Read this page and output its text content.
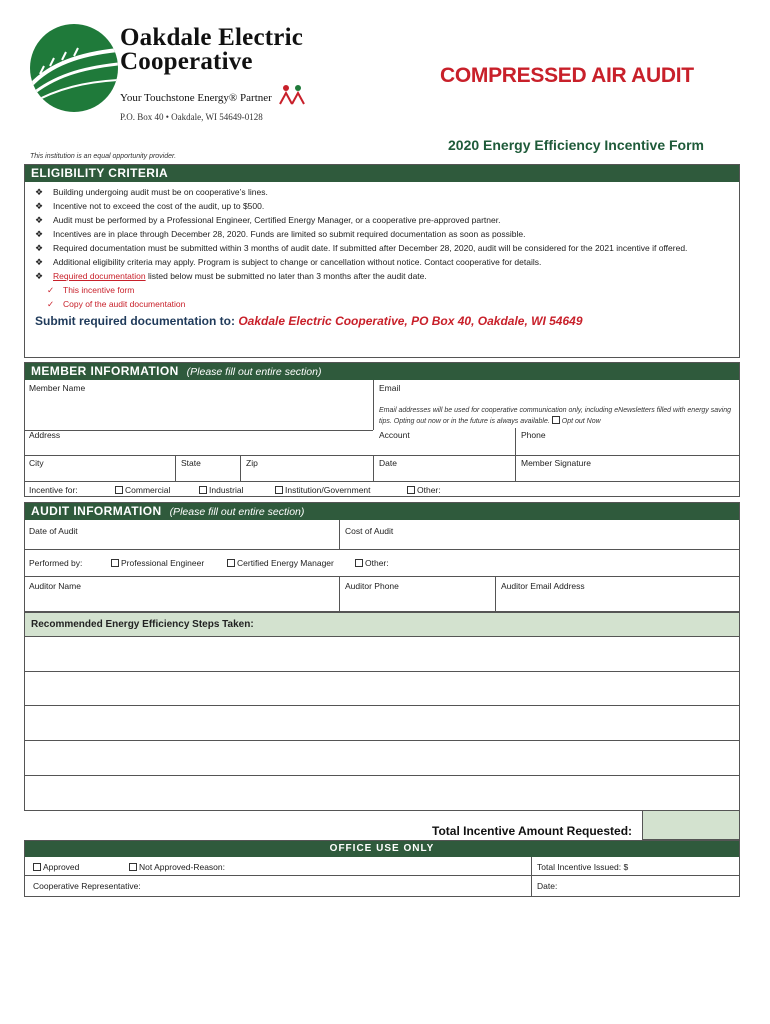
Oakdale Electric
Cooperative
Your Touchstone Energy® Partner
P.O. Box 40 • Oakdale, WI 54649-0128
COMPRESSED AIR AUDIT
2020 Energy Efficiency Incentive Form
This institution is an equal opportunity provider.
ELIGIBILITY CRITERIA
❖ Building undergoing audit must be on cooperative’s lines.
❖ Incentive not to exceed the cost of the audit, up to $500.
❖ Audit must be performed by a Professional Engineer, Certified Energy Manager, or a cooperative pre-approved partner.
❖ Incentives are in place through December 28, 2020. Funds are limited so submit required documentation as soon as possible.
❖ Required documentation must be submitted within 3 months of audit date. If submitted after December 28, 2020, audit will be considered for the 2021 incentive if offered.
❖ Additional eligibility criteria may apply. Program is subject to change or cancellation without notice. Contact cooperative for details.
❖ Required documentation listed below must be submitted no later than 3 months after the audit date.
✓ This incentive form
✓ Copy of the audit documentation
Submit required documentation to: Oakdale Electric Cooperative, PO Box 40, Oakdale, WI 54649
MEMBER INFORMATION (Please fill out entire section)
Member Name	Email
Email addresses will be used for cooperative communication only, including eNewsletters filled with energy saving tips. Opting out now or in the future is always available. Opt out Now
Address	Account	Phone
City	State	Zip	Date	Member Signature
Incentive for:	Commercial	Industrial	Institution/Government	Other:
AUDIT INFORMATION (Please fill out entire section)
Date of Audit	Cost of Audit
Performed by:	Professional Engineer	Certified Energy Manager	Other:
Auditor Name	Auditor Phone	Auditor Email Address
Recommended Energy Efficiency Steps Taken:
Total Incentive Amount Requested:
OFFICE USE ONLY
Approved	Not Approved-Reason:	Total Incentive Issued: $
Cooperative Representative:	Date:
